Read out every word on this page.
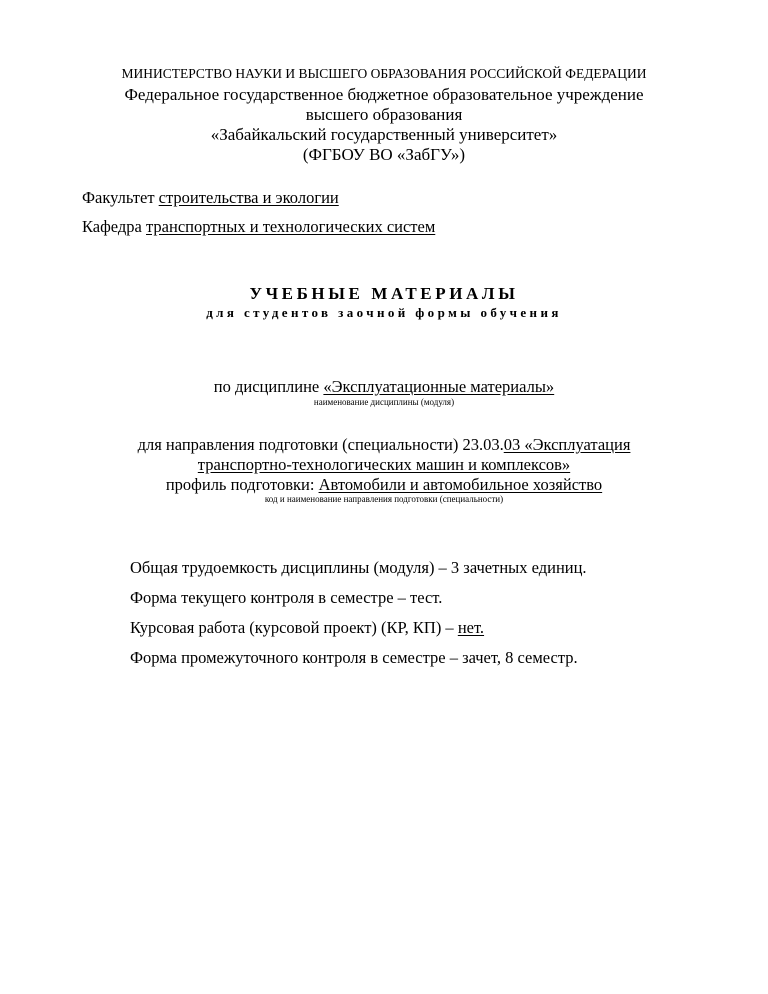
МИНИСТЕРСТВО НАУКИ И ВЫСШЕГО ОБРАЗОВАНИЯ РОССИЙСКОЙ ФЕДЕРАЦИИ
Федеральное государственное бюджетное образовательное учреждение
высшего образования
«Забайкальский государственный университет»
(ФГБОУ ВО «ЗабГУ»)
Факультет строительства и экологии
Кафедра транспортных и технологических систем
УЧЕБНЫЕ МАТЕРИАЛЫ
для студентов заочной формы обучения
по дисциплине «Эксплуатационные материалы»
наименование дисциплины (модуля)
для направления подготовки (специальности) 23.03.03 «Эксплуатация
транспортно-технологических машин и комплексов»
профиль подготовки: Автомобили и автомобильное хозяйство
код и наименование направления подготовки (специальности)
Общая трудоемкость дисциплины (модуля) – 3 зачетных единиц.
Форма текущего контроля в семестре – тест.
Курсовая работа (курсовой проект) (КР, КП) – нет.
Форма промежуточного контроля в семестре – зачет, 8 семестр.
